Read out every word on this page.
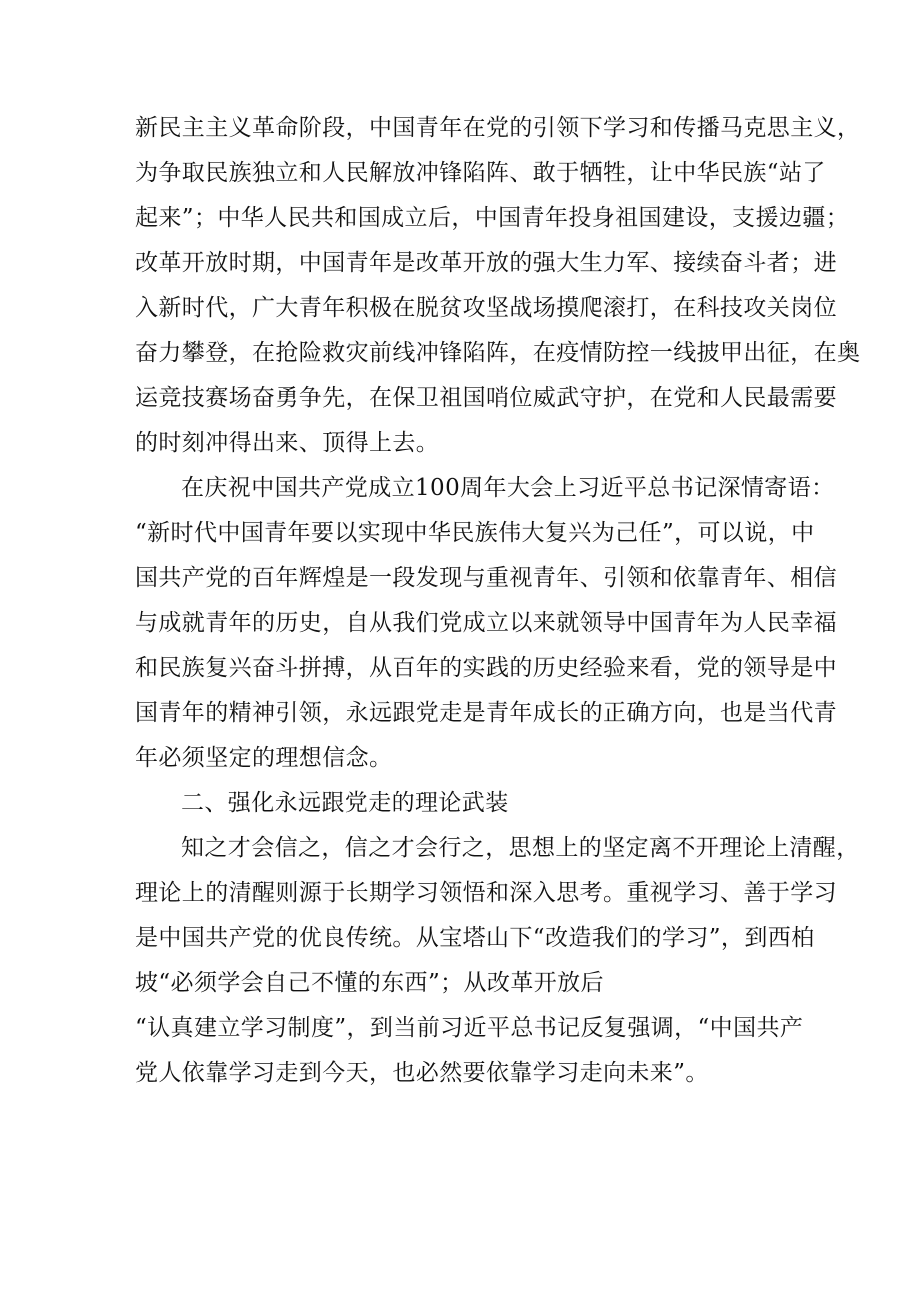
新民主主义革命阶段，中国青年在党的引领下学习和传播马克思主义，
为争取民族独立和人民解放冲锋陷阵、敢于牺牲，让中华民族“站了
起来”；中华人民共和国成立后，中国青年投身祖国建设，支援边疆；
改革开放时期，中国青年是改革开放的强大生力军、接续奋斗者；进
入新时代，广大青年积极在脱贫攻坚战场摸爬滚打，在科技攻关岗位
奋力攀登，在抢险救灾前线冲锋陷阵，在疫情防控一线披甲出征，在奥
运竞技赛场奋勇争先，在保卫祖国哨位威武守护，在党和人民最需要
的时刻冲得出来、顶得上去。
在庆祝中国共产党成立100周年大会上习近平总书记深情寄语：
“新时代中国青年要以实现中华民族伟大复兴为己任”，可以说，中
国共产党的百年辉煌是一段发现与重视青年、引领和依靠青年、相信
与成就青年的历史，自从我们党成立以来就领导中国青年为人民幸福
和民族复兴奋斗拼搏，从百年的实践的历史经验来看，党的领导是中
国青年的精神引领，永远跟党走是青年成长的正确方向，也是当代青
年必须坚定的理想信念。
二、强化永远跟党走的理论武装
知之才会信之，信之才会行之，思想上的坚定离不开理论上清醒，
理论上的清醒则源于长期学习领悟和深入思考。重视学习、善于学习
是中国共产党的优良传统。从宝塔山下“改造我们的学习”，到西柏
坡“必须学会自己不懂的东西”；从改革开放后
“认真建立学习制度”，到当前习近平总书记反复强调，“中国共产
党人依靠学习走到今天，也必然要依靠学习走向未来”。
